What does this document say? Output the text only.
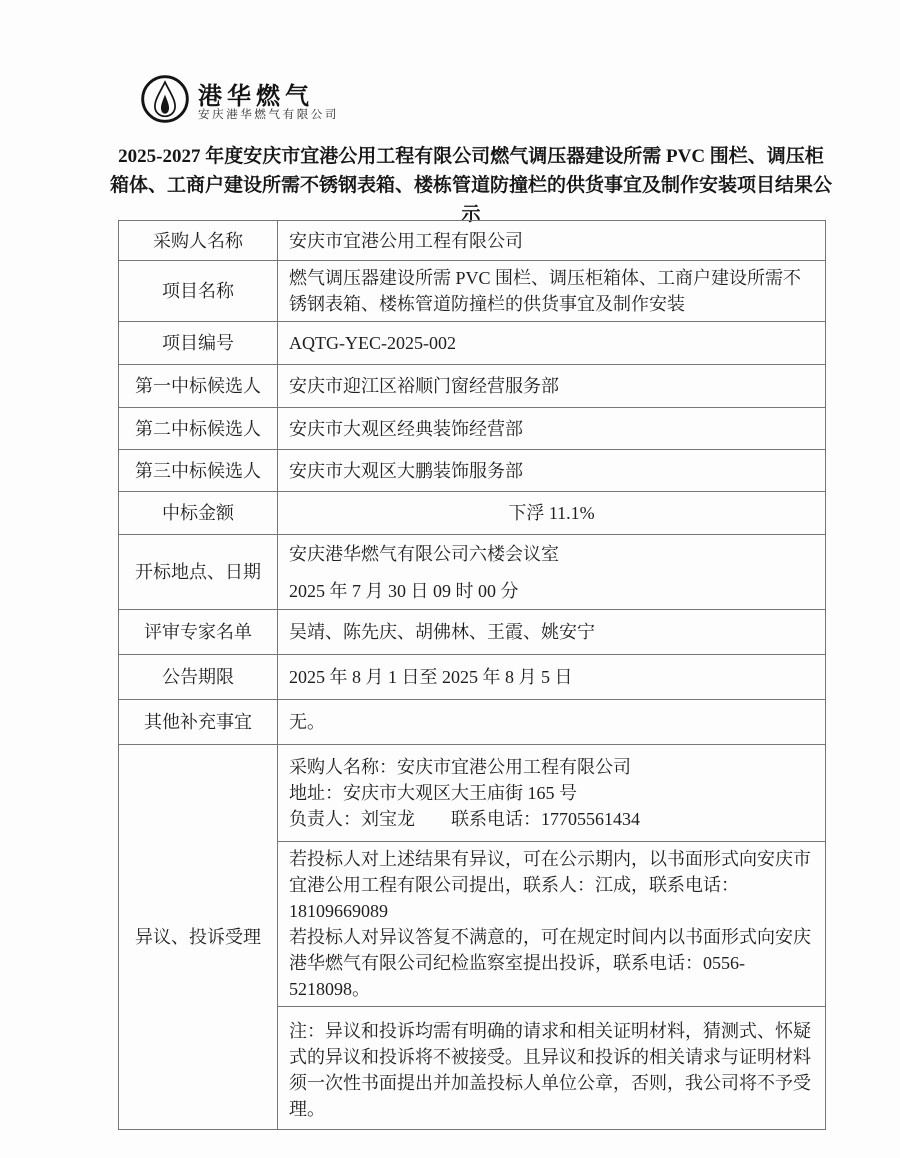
港华燃气
安庆港华燃气有限公司
2025-2027 年度安庆市宜港公用工程有限公司燃气调压器建设所需 PVC 围栏、调压柜箱体、工商户建设所需不锈钢表箱、楼栋管道防撞栏的供货事宜及制作安装项目结果公示
采购人名称	安庆市宜港公用工程有限公司
项目名称	燃气调压器建设所需 PVC 围栏、调压柜箱体、工商户建设所需不锈钢表箱、楼栋管道防撞栏的供货事宜及制作安装
项目编号	AQTG-YEC-2025-002
第一中标候选人	安庆市迎江区裕顺门窗经营服务部
第二中标候选人	安庆市大观区经典装饰经营部
第三中标候选人	安庆市大观区大鹏装饰服务部
中标金额	下浮 11.1%
开标地点、日期	安庆港华燃气有限公司六楼会议室

2025 年 7 月 30 日 09 时 00 分

评审专家名单	吴靖、陈先庆、胡佛林、王霞、姚安宁
公告期限	2025 年 8 月 1 日至 2025 年 8 月 5 日
其他补充事宜	无。
异议、投诉受理	采购人名称：安庆市宜港公用工程有限公司
地址：安庆市大观区大王庙街 165 号
负责人：刘宝龙　　联系电话：17705561434

	若投标人对上述结果有异议，可在公示期内，以书面形式向安庆市宜港公用工程有限公司提出，联系人：江成，联系电话：18109669089
若投标人对异议答复不满意的，可在规定时间内以书面形式向安庆港华燃气有限公司纪检监察室提出投诉，联系电话：0556-5218098。

	注：异议和投诉均需有明确的请求和相关证明材料，猜测式、怀疑式的异议和投诉将不被接受。且异议和投诉的相关请求与证明材料须一次性书面提出并加盖投标人单位公章，否则，我公司将不予受理。
